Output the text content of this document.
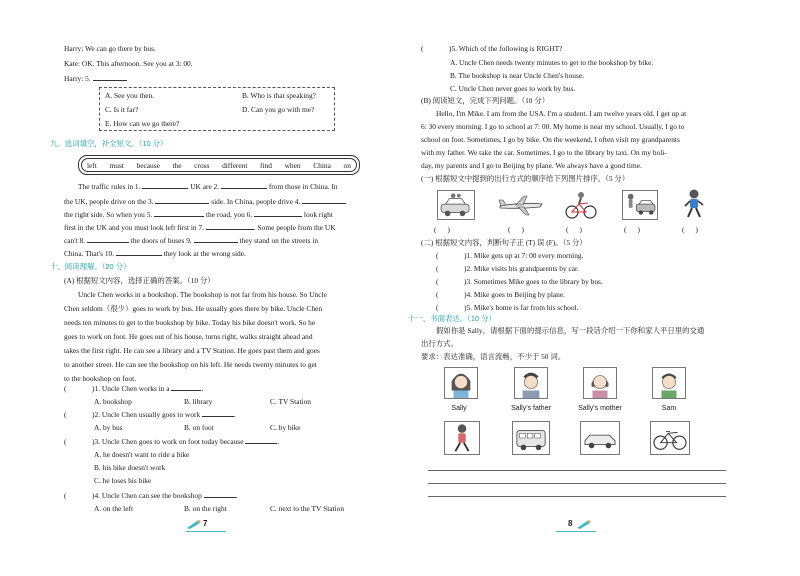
Harry: We can go there by bus.
Kate: OK. This afternoon. See you at 3: 00.
Harry: 5.
A. See you then.	B. Who is that speaking?
C. Is it far?	D. Can you go with me?
E. How can we go there?
九、选词填空，补全短文。（10 分）
left must because the cross different find when China on
The traffic rules in 1.	UK are 2.	from those in China. In
the UK, people drive on the 3.	side. In China, people drive 4.
the right side. So when you 5.	the road, you 6.	look right
first in the UK and you must look left first in 7.	. Some people from the UK
can't 8.	the doors of buses 9.	they stand on the streets in
China. That's 10.	they look at the wrong side.
十、阅读理解。（20 分）
(A) 根据短文内容，选择正确的答案。（10 分）
Uncle Chen works in a bookshop. The bookshop is not far from his house. So Uncle
Chen seldom（很少）goes to work by bus. He usually goes there by bike. Uncle Chen
needs ten minutes to get to the bookshop by bike. Today his bike doesn't work. So he
goes to work on foot. He goes out of his house, turns right, walks straight ahead and
takes the first right. He can see a library and a TV Station. He goes past them and goes
to another street. He can see the bookshop on his left. He needs twenty minutes to get
to the bookshop on foot.
(	)1. Uncle Chen works in a	.
A. bookshop	B. library	C. TV Station
(	)2. Uncle Chen usually goes to work	.
A. by bus	B. on foot	C. by bike
(	)3. Uncle Chen goes to work on foot today because	.
A. he doesn't want to ride a bike
B. his bike doesn't work
C. he loses his bike
(	)4. Uncle Chen can see the bookshop	.
A. on the left	B. on the right	C. next to the TV Station
7
(	)5. Which of the following is RIGHT?
A. Uncle Chen needs twenty minutes to get to the bookshop by bike.
B. The bookshop is near Uncle Chen's house.
C. Uncle Chen never goes to work by bus.
(B) 阅读短文，完成下列问题。（10 分）
Hello, I'm Mike. I am from the USA. I'm a student. I am twelve years old. I get up at
6: 30 every morning. I go to school at 7: 00. My home is near my school. Usually, I go to
school on foot. Sometimes, I go by bike. On the weekend, I often visit my grandparents
with my father. We take the car. Sometimes, I go to the library by taxi. On my holi-
day, my parents and I go to Beijing by plane. We always have a good time.
(一) 根据短文中提到的出行方式的顺序给下列图片排序。（5 分）
(      )	(      )	(      )	(      )	(      )
(二) 根据短文内容，判断句子正 (T) 误 (F)。（5 分）
(	)1. Mike gets up at 7: 00 every morning.
(	)2. Mike visits his grandparents by car.
(	)3. Sometimes Mike goes to the library by bus.
(	)4. Mike goes to Beijing by plane.
(	)5. Mike's home is far from his school.
十一、书面表达。（10 分）
假如你是 Sally，请根据下面的提示信息，写一段话介绍一下你和家人平日里的交通
出行方式。
要求：表达准确，语言流畅，不少于 50 词。
Sally	Sally's father	Sally's mother	Sam
8
